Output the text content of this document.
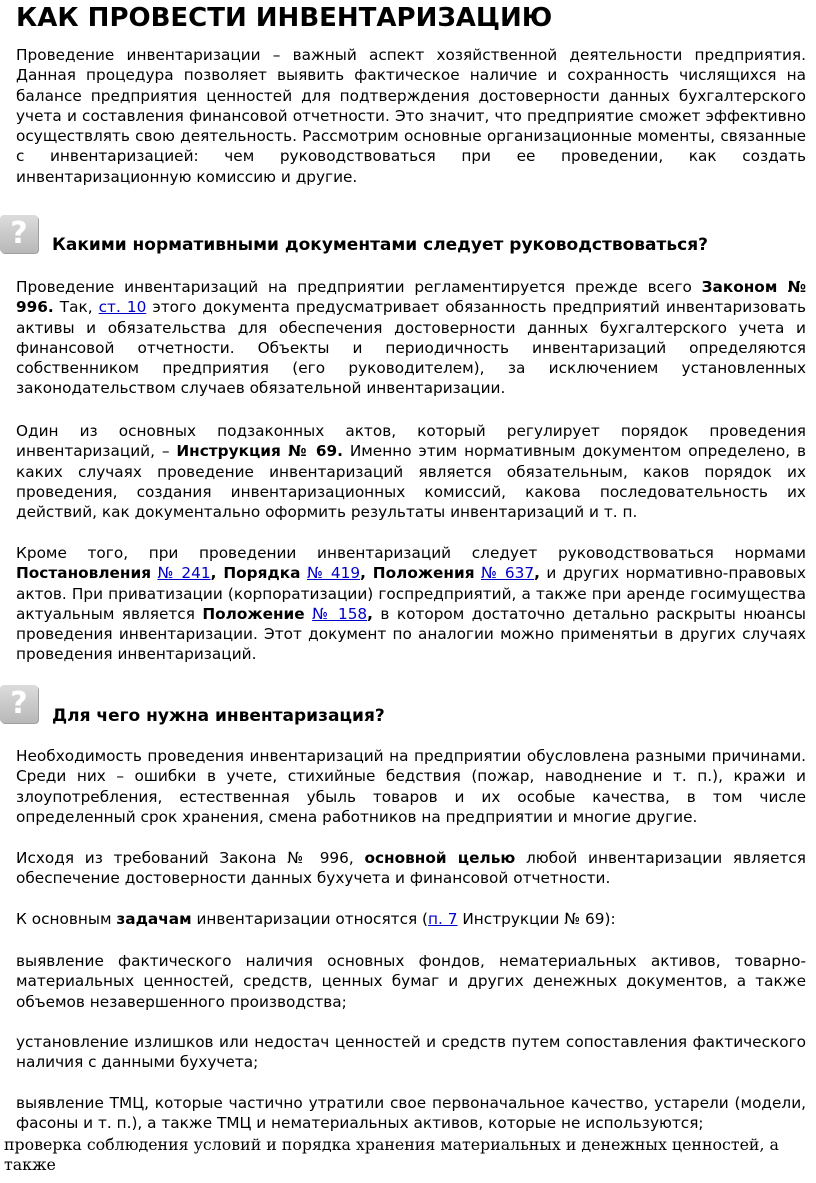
КАК ПРОВЕСТИ ИНВЕНТАРИЗАЦИЮ
Проведение инвентаризации – важный аспект хозяйственной деятельности предприятия. Данная процедура позволяет выявить фактическое наличие и сохранность числящихся на балансе предприятия ценностей для подтверждения достоверности данных бухгалтерского учета и составления финансовой отчетности. Это значит, что предприятие сможет эффективно осуществлять свою деятельность. Рассмотрим основные организационные моменты, связанные с инвентаризацией: чем руководствоваться при ее проведении, как создать инвентаризационную комиссию и другие.
?	Какими нормативными документами следует руководствоваться?
Проведение инвентаризаций на предприятии регламентируется прежде всего Законом № 996. Так, ст. 10 этого документа предусматривает обязанность предприятий инвентаризовать активы и обязательства для обеспечения достоверности данных бухгалтерского учета и финансовой отчетности. Объекты и периодичность инвентаризаций определяются собственником предприятия (его руководителем), за исключением установленных законодательством случаев обязательной инвентаризации.
Один из основных подзаконных актов, который регулирует порядок проведения инвентаризаций, – Инструкция № 69. Именно этим нормативным документом определено, в каких случаях проведение инвентаризаций является обязательным, каков порядок их проведения, создания инвентаризационных комиссий, какова последовательность их действий, как документально оформить результаты инвентаризаций и т. п.
Кроме того, при проведении инвентаризаций следует руководствоваться нормами Постановления № 241, Порядка № 419, Положения № 637, и других нормативно-правовых актов. При приватизации (корпоратизации) госпредприятий, а также при аренде госимущества актуальным является Положение № 158, в котором достаточно детально раскрыты нюансы проведения инвентаризации. Этот документ по аналогии можно применятьи в других случаях проведения инвентаризаций.
?	Для чего нужна инвентаризация?
Необходимость проведения инвентаризаций на предприятии обусловлена разными причинами. Среди них – ошибки в учете, стихийные бедствия (пожар, наводнение и т. п.), кражи и злоупотребления, естественная убыль товаров и их особые качества, в том числе определенный срок хранения, смена работников на предприятии и многие другие.
Исходя из требований Закона № 996, основной целью любой инвентаризации является обеспечение достоверности данных бухучета и финансовой отчетности.
К основным задачам инвентаризации относятся (п. 7 Инструкции № 69):
выявление фактического наличия основных фондов, нематериальных активов, товарно-материальных ценностей, средств, ценных бумаг и других денежных документов, а также объемов незавершенного производства;
установление излишков или недостач ценностей и средств путем сопоставления фактического наличия с данными бухучета;
выявление ТМЦ, которые частично утратили свое первоначальное качество, устарели (модели, фасоны и т. п.), а также ТМЦ и нематериальных активов, которые не используются;
проверка соблюдения условий и порядка хранения материальных и денежных ценностей, а также
